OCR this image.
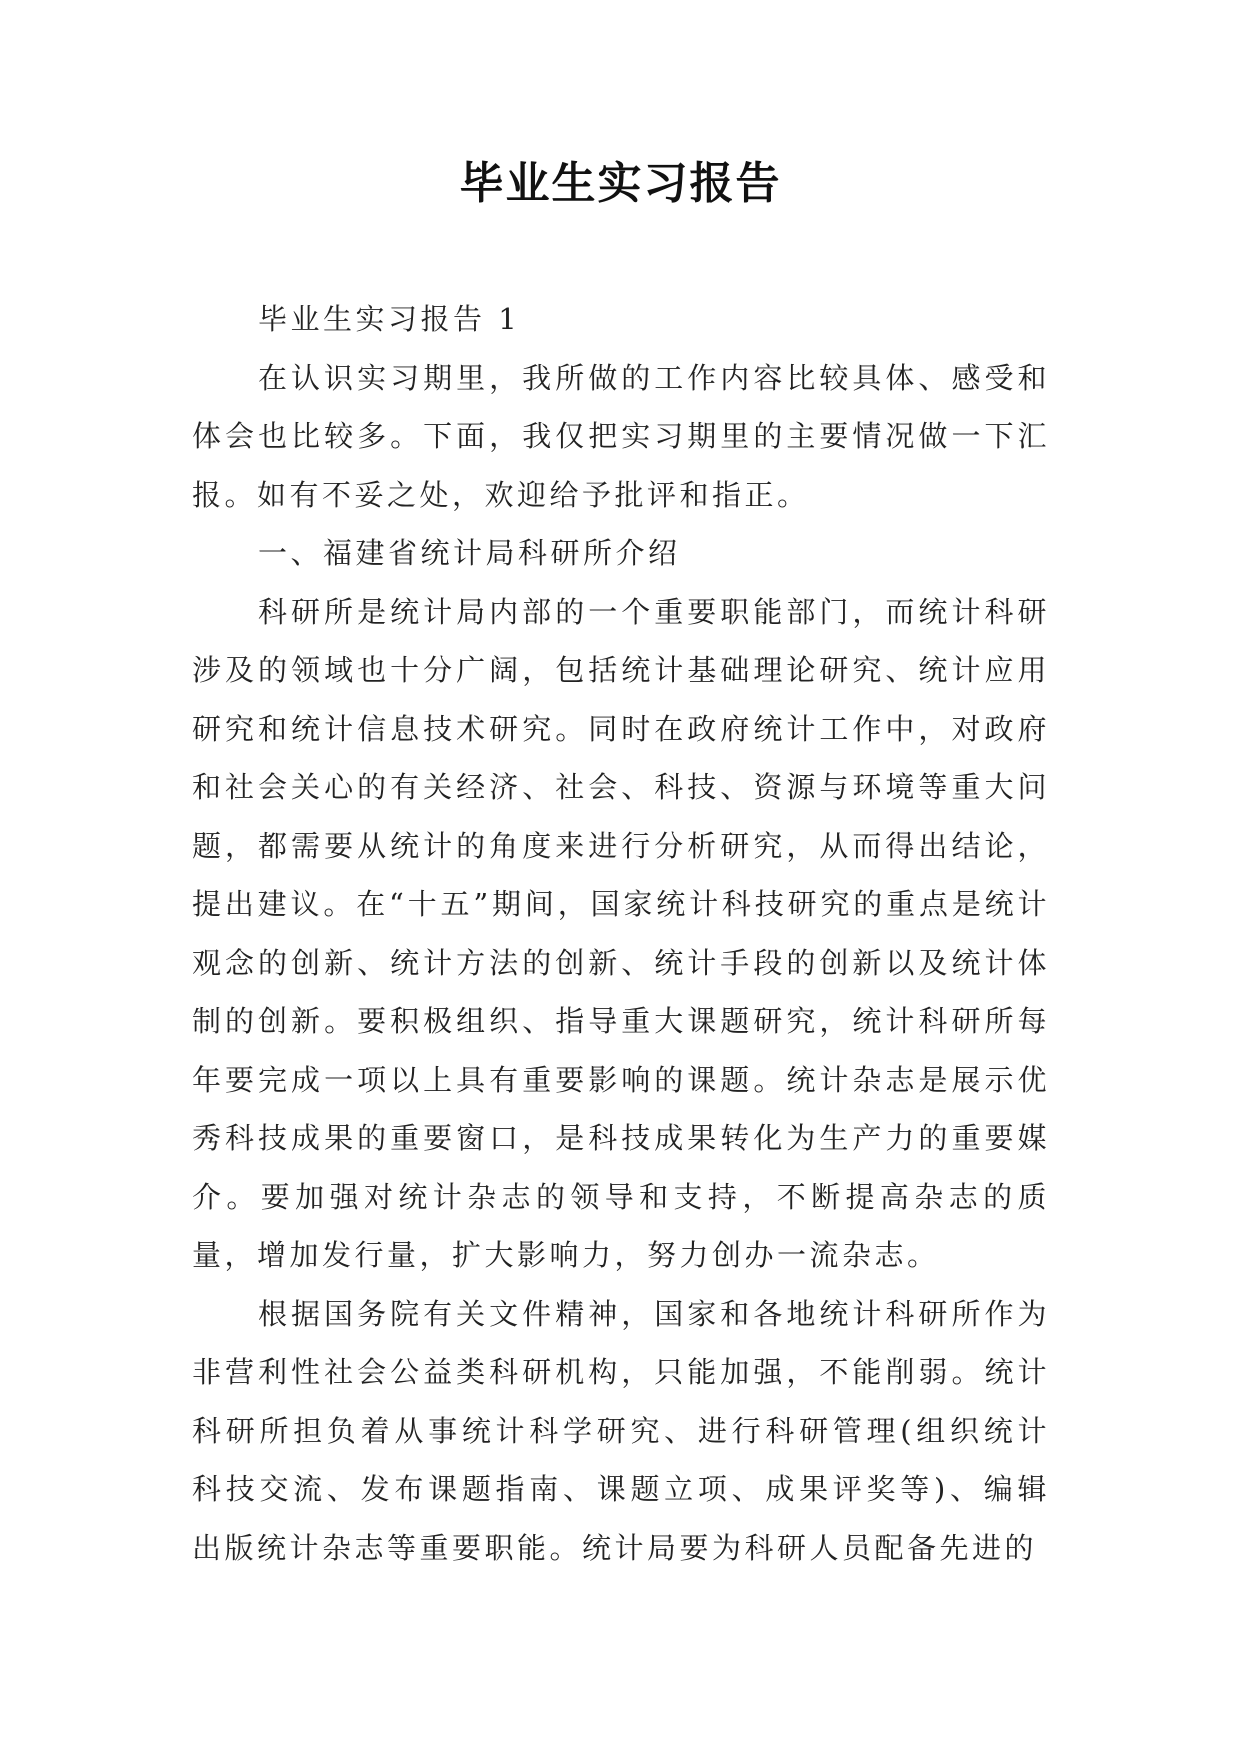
毕业生实习报告

毕业生实习报告 1

在认识实习期里，我所做的工作内容比较具体、感受和体会也比较多。下面，我仅把实习期里的主要情况做一下汇报。如有不妥之处，欢迎给予批评和指正。

一、福建省统计局科研所介绍

科研所是统计局内部的一个重要职能部门，而统计科研涉及的领域也十分广阔，包括统计基础理论研究、统计应用研究和统计信息技术研究。同时在政府统计工作中，对政府和社会关心的有关经济、社会、科技、资源与环境等重大问题，都需要从统计的角度来进行分析研究，从而得出结论，提出建议。在“十五”期间，国家统计科技研究的重点是统计观念的创新、统计方法的创新、统计手段的创新以及统计体制的创新。要积极组织、指导重大课题研究，统计科研所每年要完成一项以上具有重要影响的课题。统计杂志是展示优秀科技成果的重要窗口，是科技成果转化为生产力的重要媒介。要加强对统计杂志的领导和支持，不断提高杂志的质量，增加发行量，扩大影响力，努力创办一流杂志。

根据国务院有关文件精神，国家和各地统计科研所作为非营利性社会公益类科研机构，只能加强，不能削弱。统计科研所担负着从事统计科学研究、进行科研管理(组织统计科技交流、发布课题指南、课题立项、成果评奖等)、编辑出版统计杂志等重要职能。统计局要为科研人员配备先进的
